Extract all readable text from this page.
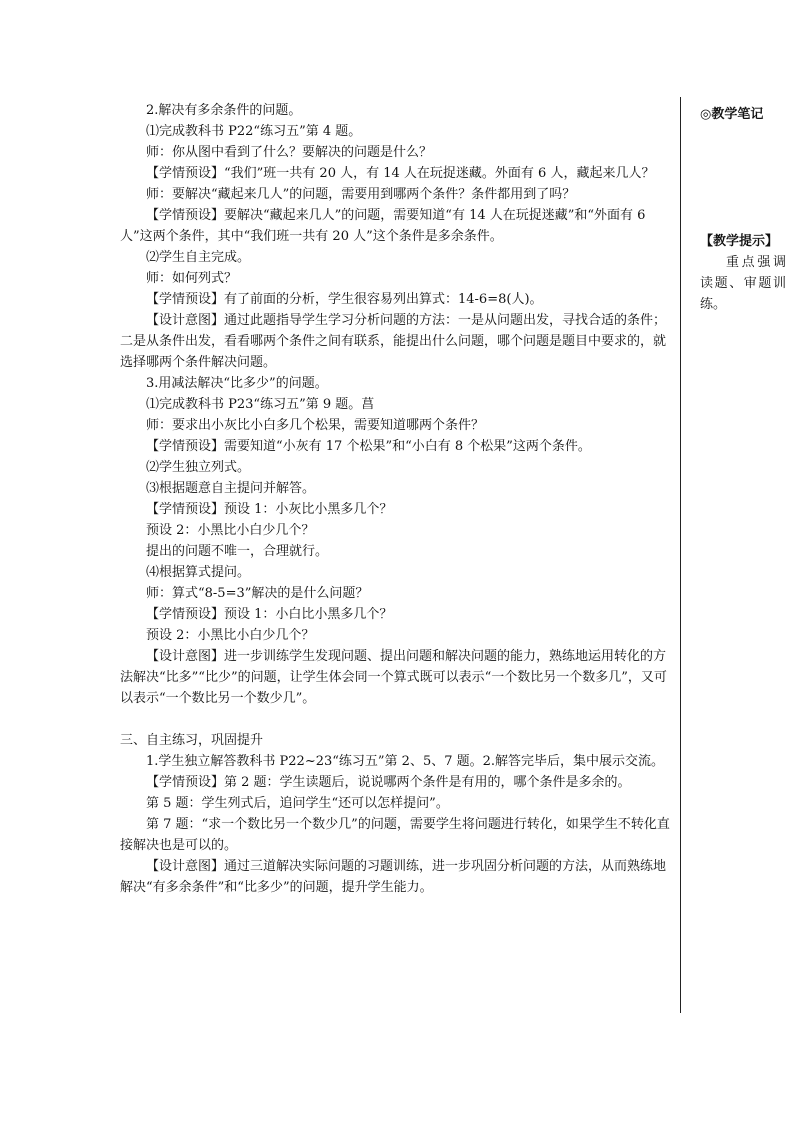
2.解决有多余条件的问题。

⑴完成教科书 P22“练习五”第 4 题。

师：你从图中看到了什么？要解决的问题是什么？

【学情预设】“我们”班一共有 20 人，有 14 人在玩捉迷藏。外面有 6 人，藏起来几人？

师：要解决“藏起来几人”的问题，需要用到哪两个条件？条件都用到了吗？

【学情预设】要解决“藏起来几人”的问题，需要知道“有 14 人在玩捉迷藏”和“外面有 6 人”这两个条件，其中“我们班一共有 20 人”这个条件是多余条件。

⑵学生自主完成。

师：如何列式？

【学情预设】有了前面的分析，学生很容易列出算式：14-6=8(人)。

【设计意图】通过此题指导学生学习分析问题的方法：一是从问题出发，寻找合适的条件；二是从条件出发，看看哪两个条件之间有联系，能提出什么问题，哪个问题是题目中要求的，就选择哪两个条件解决问题。

3.用减法解决“比多少”的问题。

⑴完成教科书 P23“练习五”第 9 题。菖

师：要求出小灰比小白多几个松果，需要知道哪两个条件？

【学情预设】需要知道“小灰有 17 个松果”和“小白有 8 个松果”这两个条件。

⑵学生独立列式。

⑶根据题意自主提问并解答。

【学情预设】预设 1：小灰比小黑多几个？

预设 2：小黑比小白少几个？

提出的问题不唯一，合理就行。

⑷根据算式提问。

师：算式“8-5=3”解决的是什么问题？

【学情预设】预设 1：小白比小黑多几个？

预设 2：小黑比小白少几个？

【设计意图】进一步训练学生发现问题、提出问题和解决问题的能力，熟练地运用转化的方法解决“比多”“比少”的问题，让学生体会同一个算式既可以表示“一个数比另一个数多几”，又可以表示“一个数比另一个数少几”。

三、自主练习，巩固提升

1.学生独立解答教科书 P22~23“练习五”第 2、5、7 题。2.解答完毕后，集中展示交流。

【学情预设】第 2 题：学生读题后，说说哪两个条件是有用的，哪个条件是多余的。

第 5 题：学生列式后，追问学生“还可以怎样提问”。

第 7 题：“求一个数比另一个数少几”的问题，需要学生将问题进行转化，如果学生不转化直接解决也是可以的。

【设计意图】通过三道解决实际问题的习题训练，进一步巩固分析问题的方法，从而熟练地解决“有多余条件”和“比多少”的问题，提升学生能力。

◎教学笔记

【教学提示】

重点强调读题、审题训练。
